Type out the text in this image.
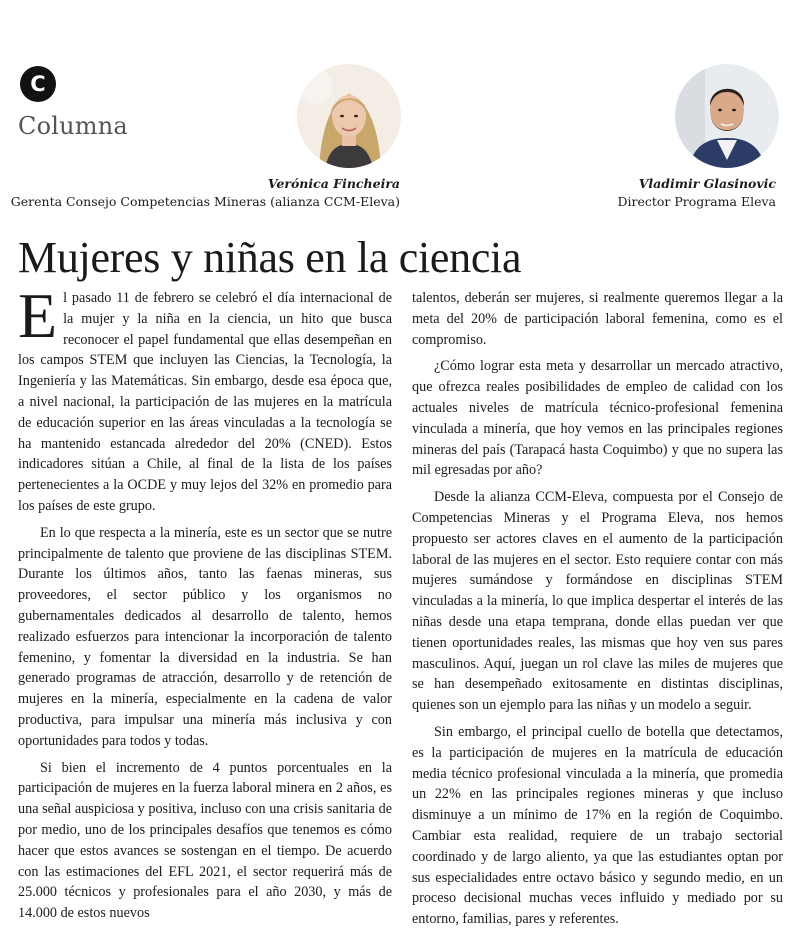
C
Columna
Verónica Fincheira
Gerenta Consejo Competencias Mineras (alianza CCM-Eleva)
Vladimir Glasinovic
Director Programa Eleva
Mujeres y niñas en la ciencia

El pasado 11 de febrero se celebró el día internacional de la mujer y la niña en la ciencia, un hito que busca reconocer el papel fundamental que ellas desempeñan en los campos STEM que incluyen las Ciencias, la Tecnología, la Ingeniería y las Matemáticas. Sin embargo, desde esa época que, a nivel nacional, la participación de las mujeres en la matrícula de educación superior en las áreas vinculadas a la tecnología se ha mantenido estancada alrededor del 20% (CNED). Estos indicadores sitúan a Chile, al final de la lista de los países pertenecientes a la OCDE y muy lejos del 32% en promedio para los países de este grupo.

En lo que respecta a la minería, este es un sector que se nutre principalmente de talento que proviene de las disciplinas STEM. Durante los últimos años, tanto las faenas mineras, sus proveedores, el sector público y los organismos no gubernamentales dedicados al desarrollo de talento, hemos realizado esfuerzos para intencionar la incorporación de talento femenino, y fomentar la diversidad en la industria. Se han generado programas de atracción, desarrollo y de retención de mujeres en la minería, especialmente en la cadena de valor productiva, para impulsar una minería más inclusiva y con oportunidades para todos y todas.

Si bien el incremento de 4 puntos porcentuales en la participación de mujeres en la fuerza laboral minera en 2 años, es una señal auspiciosa y positiva, incluso con una crisis sanitaria de por medio, uno de los principales desafíos que tenemos es cómo hacer que estos avances se sostengan en el tiempo. De acuerdo con las estimaciones del EFL 2021, el sector requerirá más de 25.000 técnicos y profesionales para el año 2030, y más de 14.000 de estos nuevos

talentos, deberán ser mujeres, si realmente queremos llegar a la meta del 20% de participación laboral femenina, como es el compromiso.

¿Cómo lograr esta meta y desarrollar un mercado atractivo, que ofrezca reales posibilidades de empleo de calidad con los actuales niveles de matrícula técnico-profesional femenina vinculada a minería, que hoy vemos en las principales regiones mineras del país (Tarapacá hasta Coquimbo) y que no supera las mil egresadas por año?

Desde la alianza CCM-Eleva, compuesta por el Consejo de Competencias Mineras y el Programa Eleva, nos hemos propuesto ser actores claves en el aumento de la participación laboral de las mujeres en el sector. Esto requiere contar con más mujeres sumándose y formándose en disciplinas STEM vinculadas a la minería, lo que implica despertar el interés de las niñas desde una etapa temprana, donde ellas puedan ver que tienen oportunidades reales, las mismas que hoy ven sus pares masculinos. Aquí, juegan un rol clave las miles de mujeres que se han desempeñado exitosamente en distintas disciplinas, quienes son un ejemplo para las niñas y un modelo a seguir.

Sin embargo, el principal cuello de botella que detectamos, es la participación de mujeres en la matrícula de educación media técnico profesional vinculada a la minería, que promedia un 22% en las principales regiones mineras y que incluso disminuye a un mínimo de 17% en la región de Coquimbo. Cambiar esta realidad, requiere de un trabajo sectorial coordinado y de largo aliento, ya que las estudiantes optan por sus especialidades entre octavo básico y segundo medio, en un proceso decisional muchas veces influido y mediado por su entorno, familias, pares y referentes.
